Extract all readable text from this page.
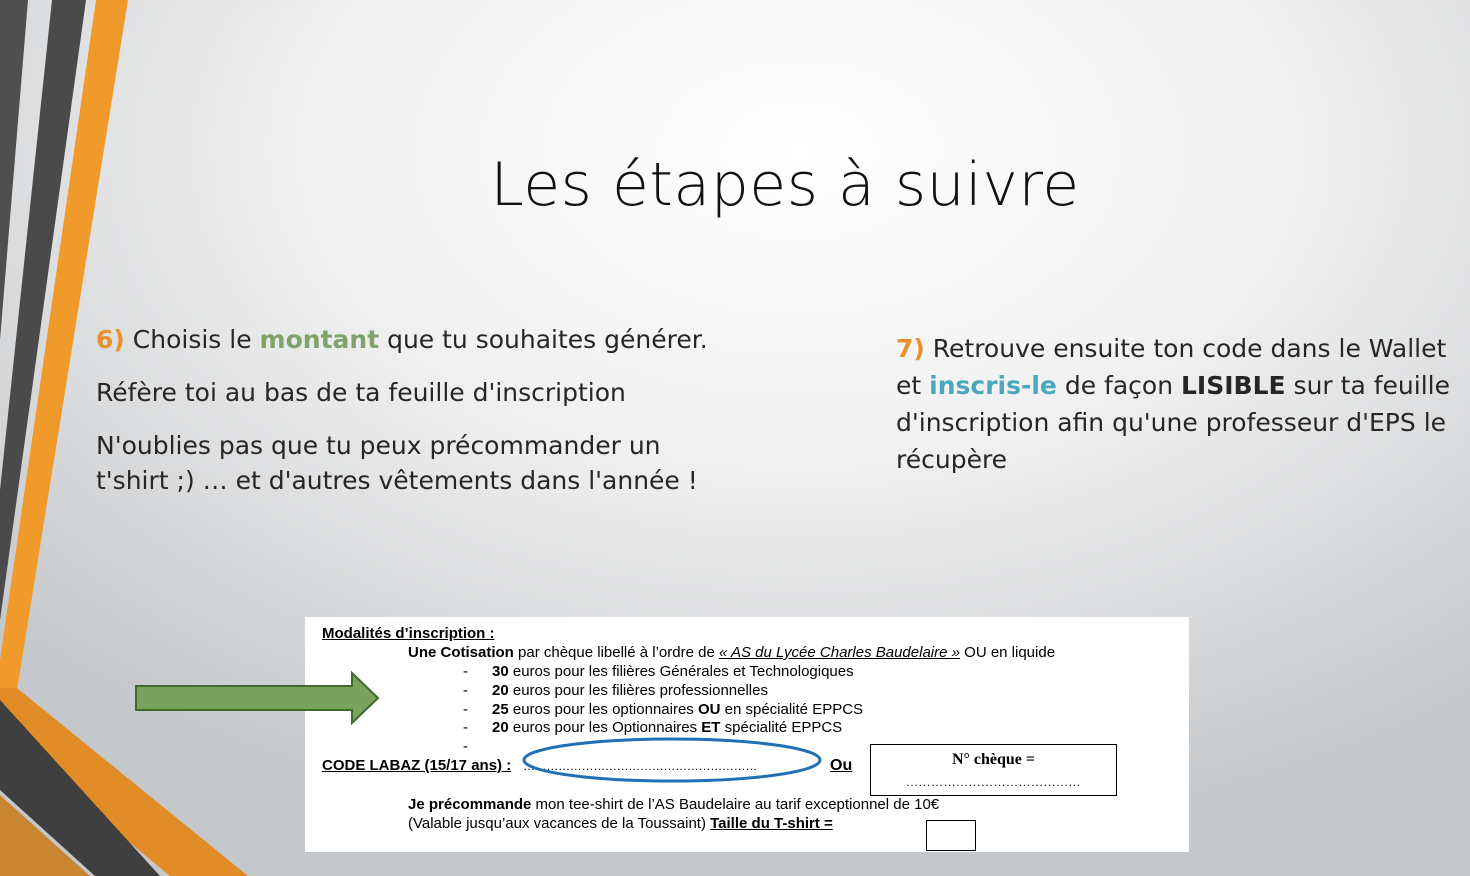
Les étapes à suivre

6) Choisis le montant que tu souhaites générer.

Réfère toi au bas de ta feuille d'inscription

N'oublies pas que tu peux précommander un t'shirt ;) … et d'autres vêtements dans l'année !

7) Retrouve ensuite ton code dans le Wallet et inscris-le de façon LISIBLE sur ta feuille d'inscription afin qu'une professeur d'EPS le récupère
Modalités d’inscription :
Une Cotisation par chèque libellé à l’ordre de « AS du Lycée Charles Baudelaire » OU en liquide
- 30 euros pour les filières Générales et Technologiques
- 20 euros pour les filières professionnelles
- 25 euros pour les optionnaires OU en spécialité EPPCS
- 20 euros pour les Optionnaires ET spécialité EPPCS
-
CODE LABAZ (15/17 ans) : ……………………………………………………	Ou	N° chèque =
……………………………………
Je précommande mon tee-shirt de l’AS Baudelaire au tarif exceptionnel de 10€
(Valable jusqu’aux vacances de la Toussaint) Taille du T-shirt =
